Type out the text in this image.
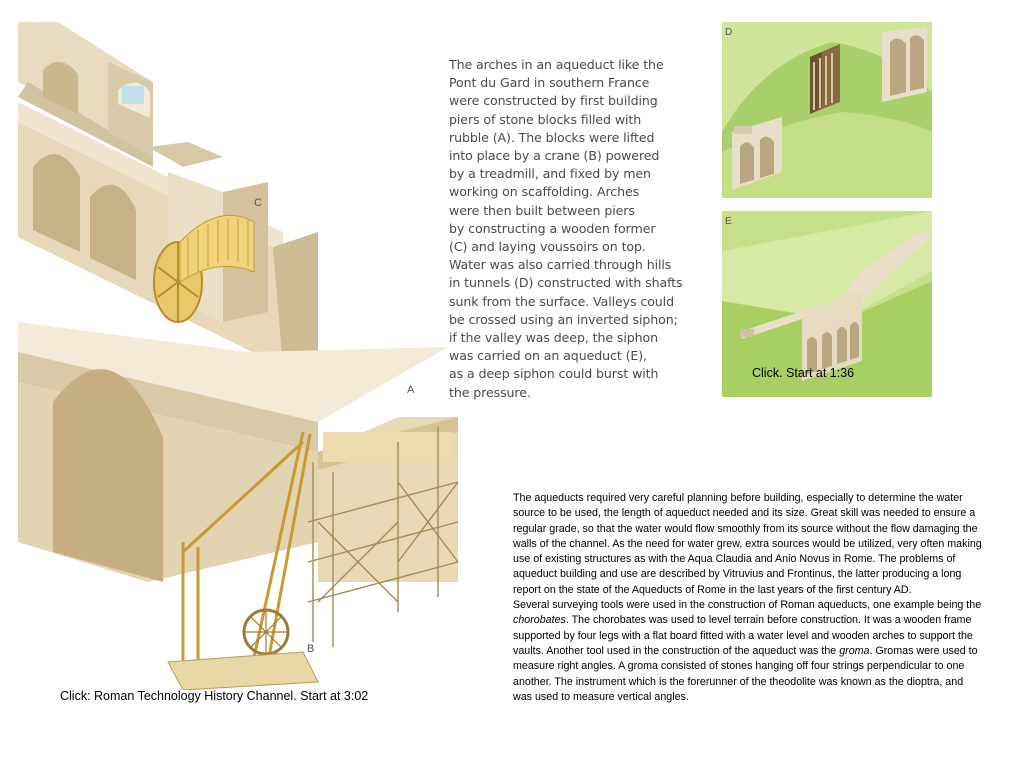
C
A
B
The arches in an aqueduct like the
Pont du Gard in southern France
were constructed by first building
piers of stone blocks filled with
rubble (A). The blocks were lifted
into place by a crane (B) powered
by a treadmill, and fixed by men
working on scaffolding. Arches
were then built between piers
by constructing a wooden former
(C) and laying voussoirs on top.
Water was also carried through hills
in tunnels (D) constructed with shafts
sunk from the surface. Valleys could
be crossed using an inverted siphon;
if the valley was deep, the siphon
was carried on an aqueduct (E),
as a deep siphon could burst with
the pressure.
D
E
Click. Start at 1:36
Click: Roman Technology History Channel. Start at 3:02

The aqueducts required very careful planning before building, especially to determine the water source to be used, the length of aqueduct needed and its size. Great skill was needed to ensure a regular grade, so that the water would flow smoothly from its source without the flow damaging the walls of the channel. As the need for water grew, extra sources would be utilized, very often making use of existing structures as with the Aqua Claudia and Anio Novus in Rome. The problems of aqueduct building and use are described by Vitruvius and Frontinus, the latter producing a long report on the state of the Aqueducts of Rome in the last years of the first century AD.

Several surveying tools were used in the construction of Roman aqueducts, one example being the chorobates. The chorobates was used to level terrain before construction. It was a wooden frame supported by four legs with a flat board fitted with a water level and wooden arches to support the vaults. Another tool used in the construction of the aqueduct was the groma. Gromas were used to measure right angles. A groma consisted of stones hanging off four strings perpendicular to one another. The instrument which is the forerunner of the theodolite was known as the dioptra, and was used to measure vertical angles.
